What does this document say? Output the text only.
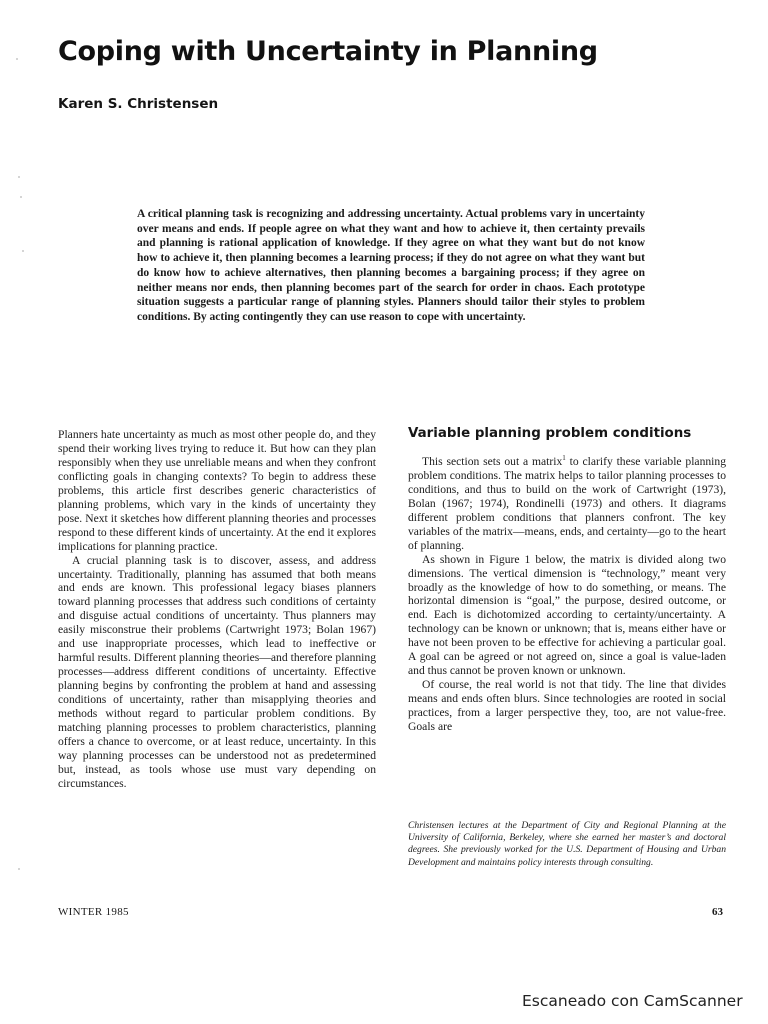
Coping with Uncertainty in Planning
Karen S. Christensen

A critical planning task is recognizing and addressing uncertainty. Actual problems vary in uncertainty over means and ends. If people agree on what they want and how to achieve it, then certainty prevails and planning is rational application of knowledge. If they agree on what they want but do not know how to achieve it, then planning becomes a learning process; if they do not agree on what they want but do know how to achieve alternatives, then planning becomes a bargaining process; if they agree on neither means nor ends, then planning becomes part of the search for order in chaos. Each prototype situation suggests a particular range of planning styles. Planners should tailor their styles to problem conditions. By acting contingently they can use reason to cope with uncertainty.

Planners hate uncertainty as much as most other people do, and they spend their working lives trying to reduce it. But how can they plan responsibly when they use unreliable means and when they confront conflicting goals in changing contexts? To begin to address these problems, this article first describes generic characteristics of planning problems, which vary in the kinds of uncertainty they pose. Next it sketches how different planning theories and processes respond to these different kinds of uncertainty. At the end it explores implications for planning practice.

A crucial planning task is to discover, assess, and address uncertainty. Traditionally, planning has assumed that both means and ends are known. This professional legacy biases planners toward planning processes that address such conditions of certainty and disguise actual conditions of uncertainty. Thus planners may easily misconstrue their problems (Cartwright 1973; Bolan 1967) and use inappropriate processes, which lead to ineffective or harmful results. Different planning theories—and therefore planning processes—address different conditions of uncertainty. Effective planning begins by confronting the problem at hand and assessing conditions of uncertainty, rather than misapplying theories and methods without regard to particular problem conditions. By matching planning processes to problem characteristics, planning offers a chance to overcome, or at least reduce, uncertainty. In this way planning processes can be understood not as predetermined but, instead, as tools whose use must vary depending on circumstances.

Variable planning problem conditions

This section sets out a matrix$^1$ to clarify these variable planning problem conditions. The matrix helps to tailor planning processes to conditions, and thus to build on the work of Cartwright (1973), Bolan (1967; 1974), Rondinelli (1973) and others. It diagrams different problem conditions that planners confront. The key variables of the matrix—means, ends, and certainty—go to the heart of planning.

As shown in Figure 1 below, the matrix is divided along two dimensions. The vertical dimension is “technology,” meant very broadly as the knowledge of how to do something, or means. The horizontal dimension is “goal,” the purpose, desired outcome, or end. Each is dichotomized according to certainty/uncertainty. A technology can be known or unknown; that is, means either have or have not been proven to be effective for achieving a particular goal. A goal can be agreed or not agreed on, since a goal is value-laden and thus cannot be proven known or unknown.

Of course, the real world is not that tidy. The line that divides means and ends often blurs. Since technologies are rooted in social practices, from a larger perspective they, too, are not value-free. Goals are

Christensen lectures at the Department of City and Regional Planning at the University of California, Berkeley, where she earned her master’s and doctoral degrees. She previously worked for the U.S. Department of Housing and Urban Development and maintains policy interests through consulting.

WINTER 1985	63
Escaneado con CamScanner
